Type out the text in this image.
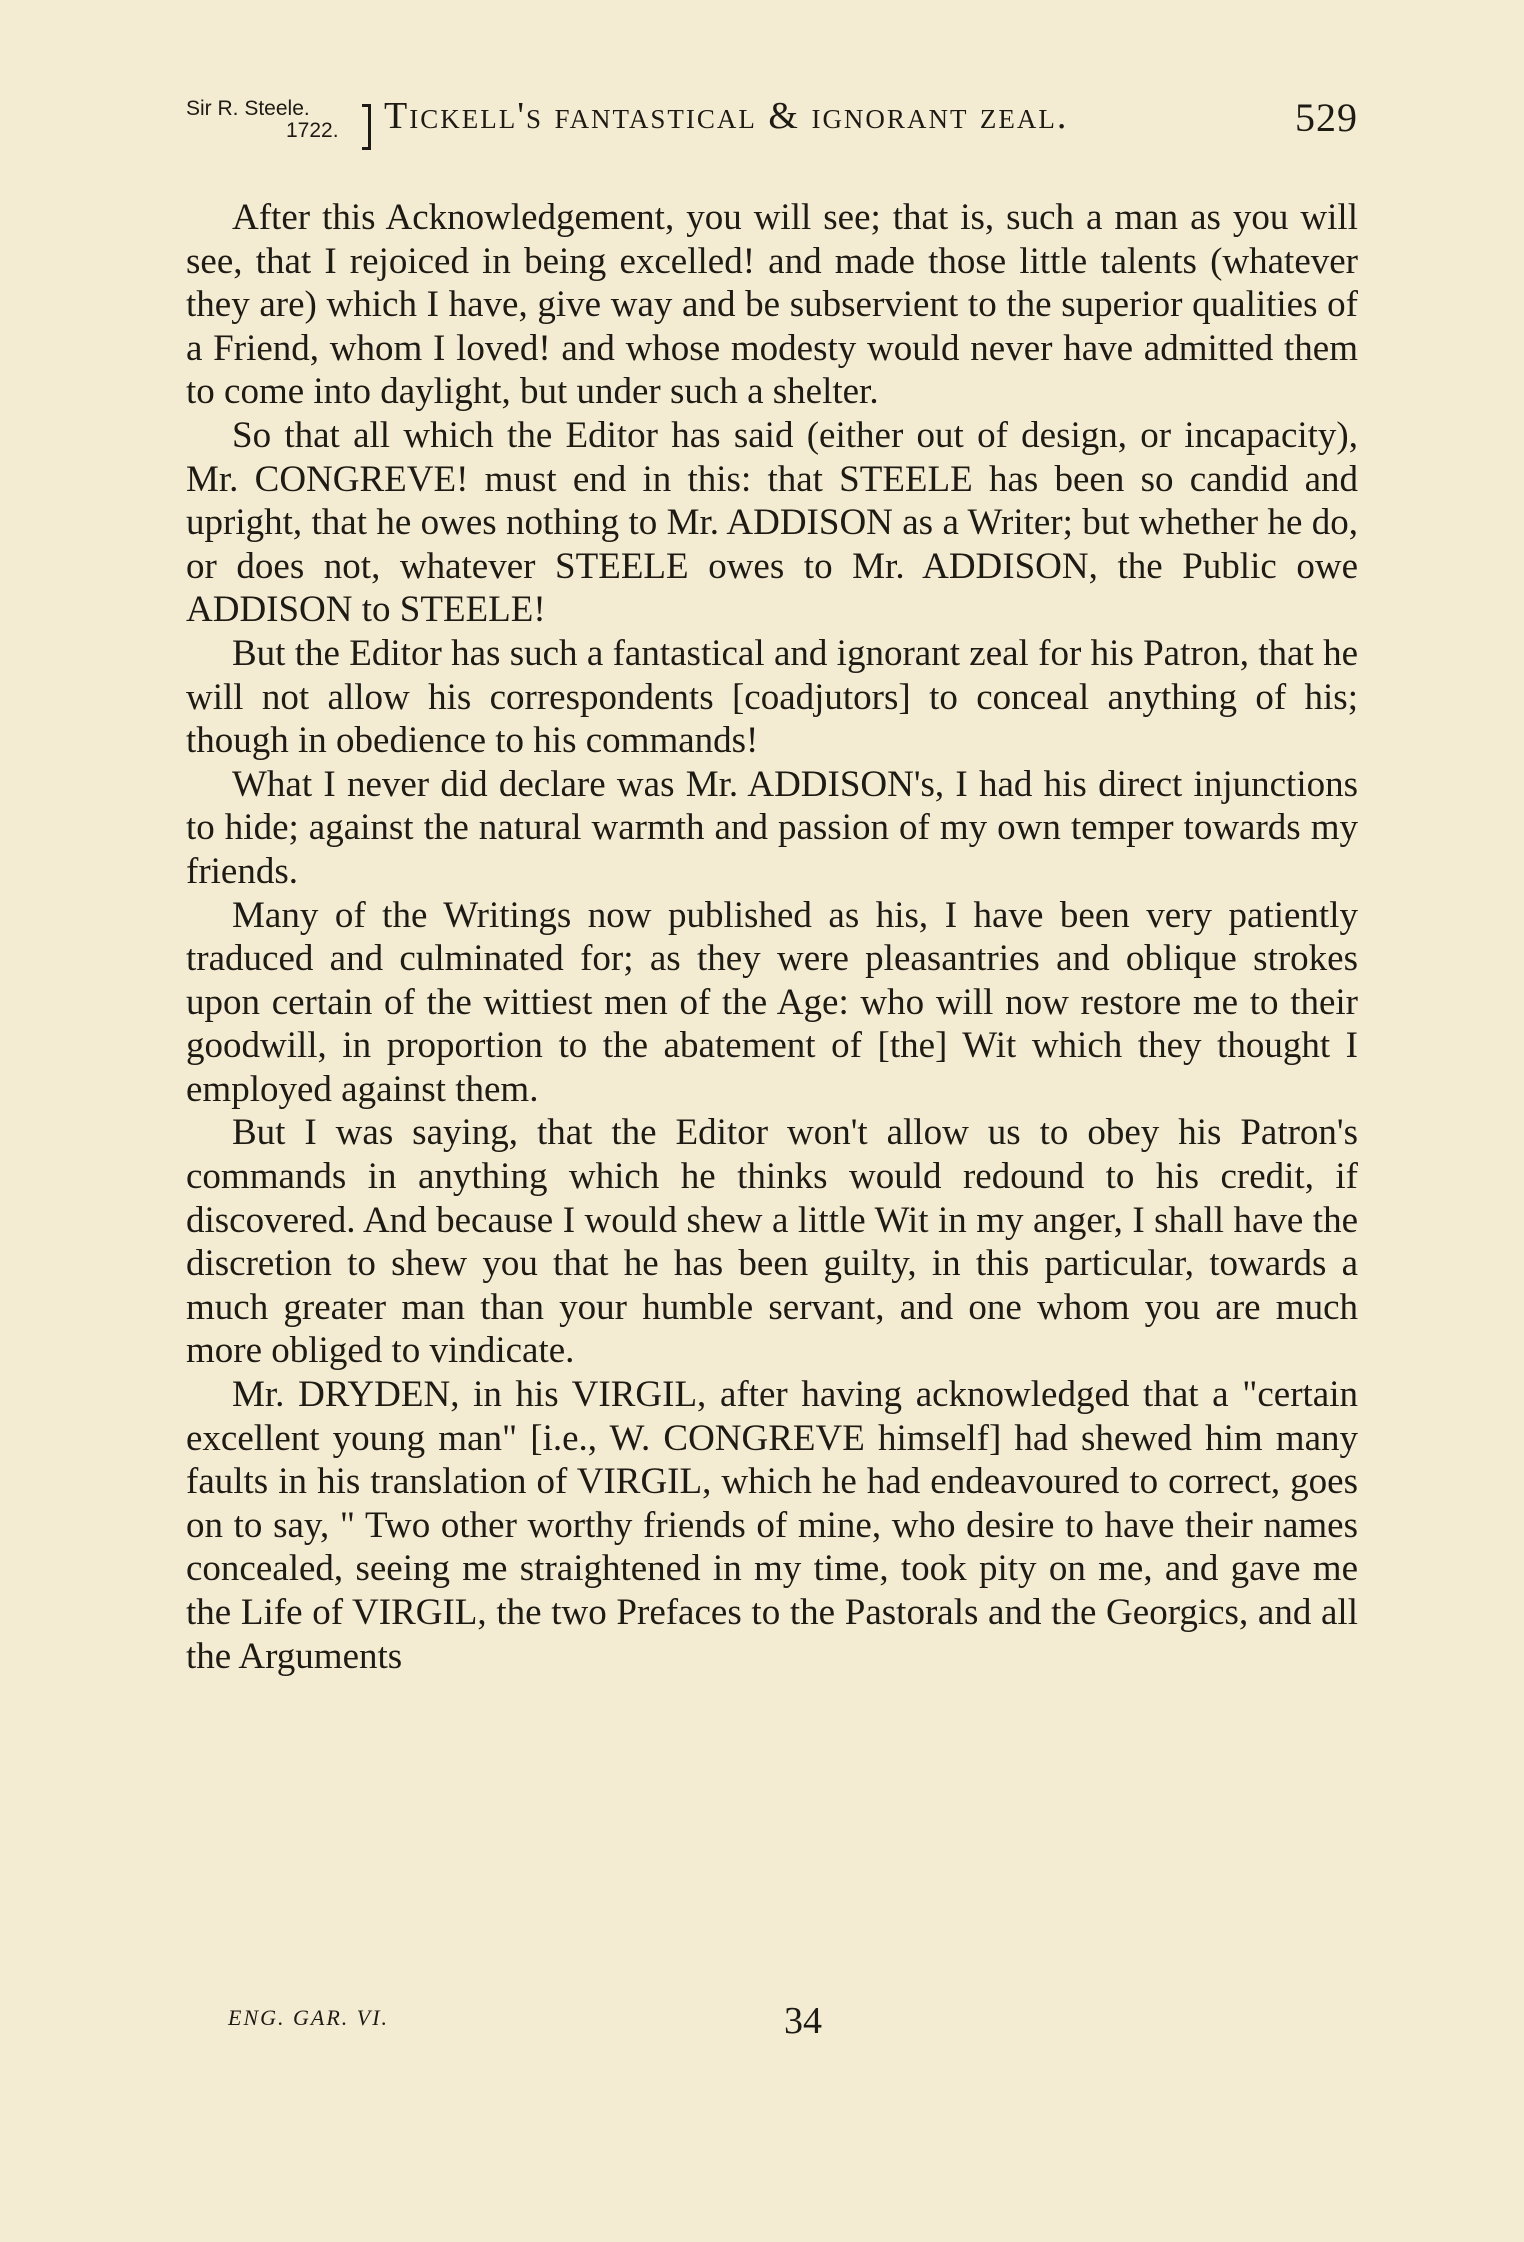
Sir R. Steele.
1722.	Tickell's fantastical & ignorant zeal.	529

After this Acknowledgement, you will see; that is, such a man as you will see, that I rejoiced in being excelled! and made those little talents (whatever they are) which I have, give way and be subservient to the superior qualities of a Friend, whom I loved! and whose modesty would never have admitted them to come into daylight, but under such a shelter.

So that all which the Editor has said (either out of design, or incapacity), Mr. CONGREVE! must end in this: that STEELE has been so candid and upright, that he owes nothing to Mr. ADDISON as a Writer; but whether he do, or does not, whatever STEELE owes to Mr. ADDISON, the Public owe ADDISON to STEELE!

But the Editor has such a fantastical and ignorant zeal for his Patron, that he will not allow his correspondents [coadjutors] to conceal anything of his; though in obedience to his commands!

What I never did declare was Mr. ADDISON's, I had his direct injunctions to hide; against the natural warmth and passion of my own temper towards my friends.

Many of the Writings now published as his, I have been very patiently traduced and culminated for; as they were pleasantries and oblique strokes upon certain of the wittiest men of the Age: who will now restore me to their goodwill, in proportion to the abatement of [the] Wit which they thought I employed against them.

But I was saying, that the Editor won't allow us to obey his Patron's commands in anything which he thinks would redound to his credit, if discovered. And because I would shew a little Wit in my anger, I shall have the discretion to shew you that he has been guilty, in this particular, towards a much greater man than your humble servant, and one whom you are much more obliged to vindicate.

Mr. DRYDEN, in his VIRGIL, after having acknowledged that a "certain excellent young man" [i.e., W. CONGREVE himself] had shewed him many faults in his translation of VIRGIL, which he had endeavoured to correct, goes on to say, " Two other worthy friends of mine, who desire to have their names concealed, seeing me straightened in my time, took pity on me, and gave me the Life of VIRGIL, the two Prefaces to the Pastorals and the Georgics, and all the Arguments

ENG. GAR. VI.	34
